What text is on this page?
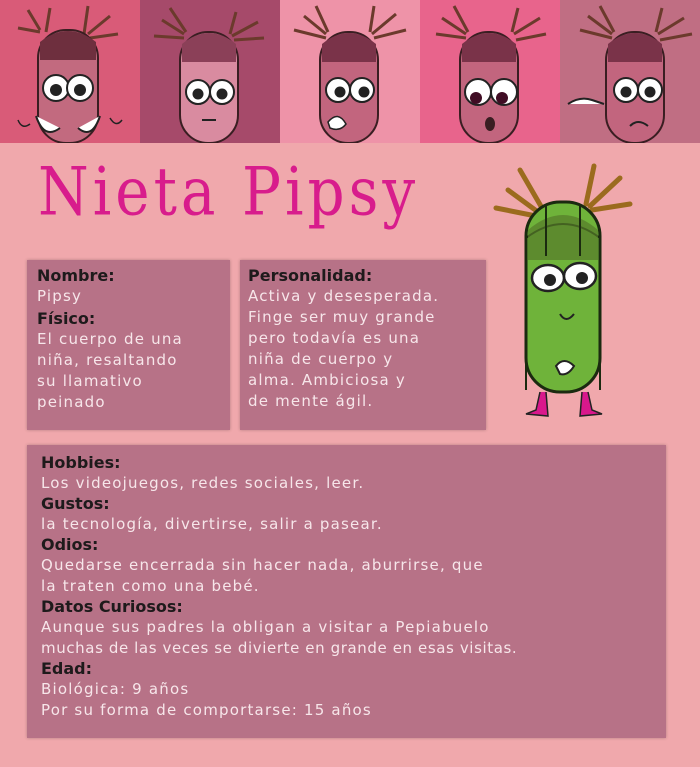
Nieta Pipsy
Nombre:
Pipsy
Físico:
El cuerpo de una
niña, resaltando
su llamativo
peinado
Personalidad:
Activa y desesperada.
Finge ser muy grande
pero todavía es una
niña de cuerpo y
alma. Ambiciosa y
de mente ágil.
Hobbies:
Los videojuegos, redes sociales, leer.
Gustos:
la tecnología, divertirse, salir a pasear.
Odios:
Quedarse encerrada sin hacer nada, aburrirse, que
la traten como una bebé.
Datos Curiosos:
Aunque sus padres la obligan a visitar a Pepiabuelo
muchas de las veces se divierte en grande en esas visitas.
Edad:
Biológica: 9 años
Por su forma de comportarse: 15 años
